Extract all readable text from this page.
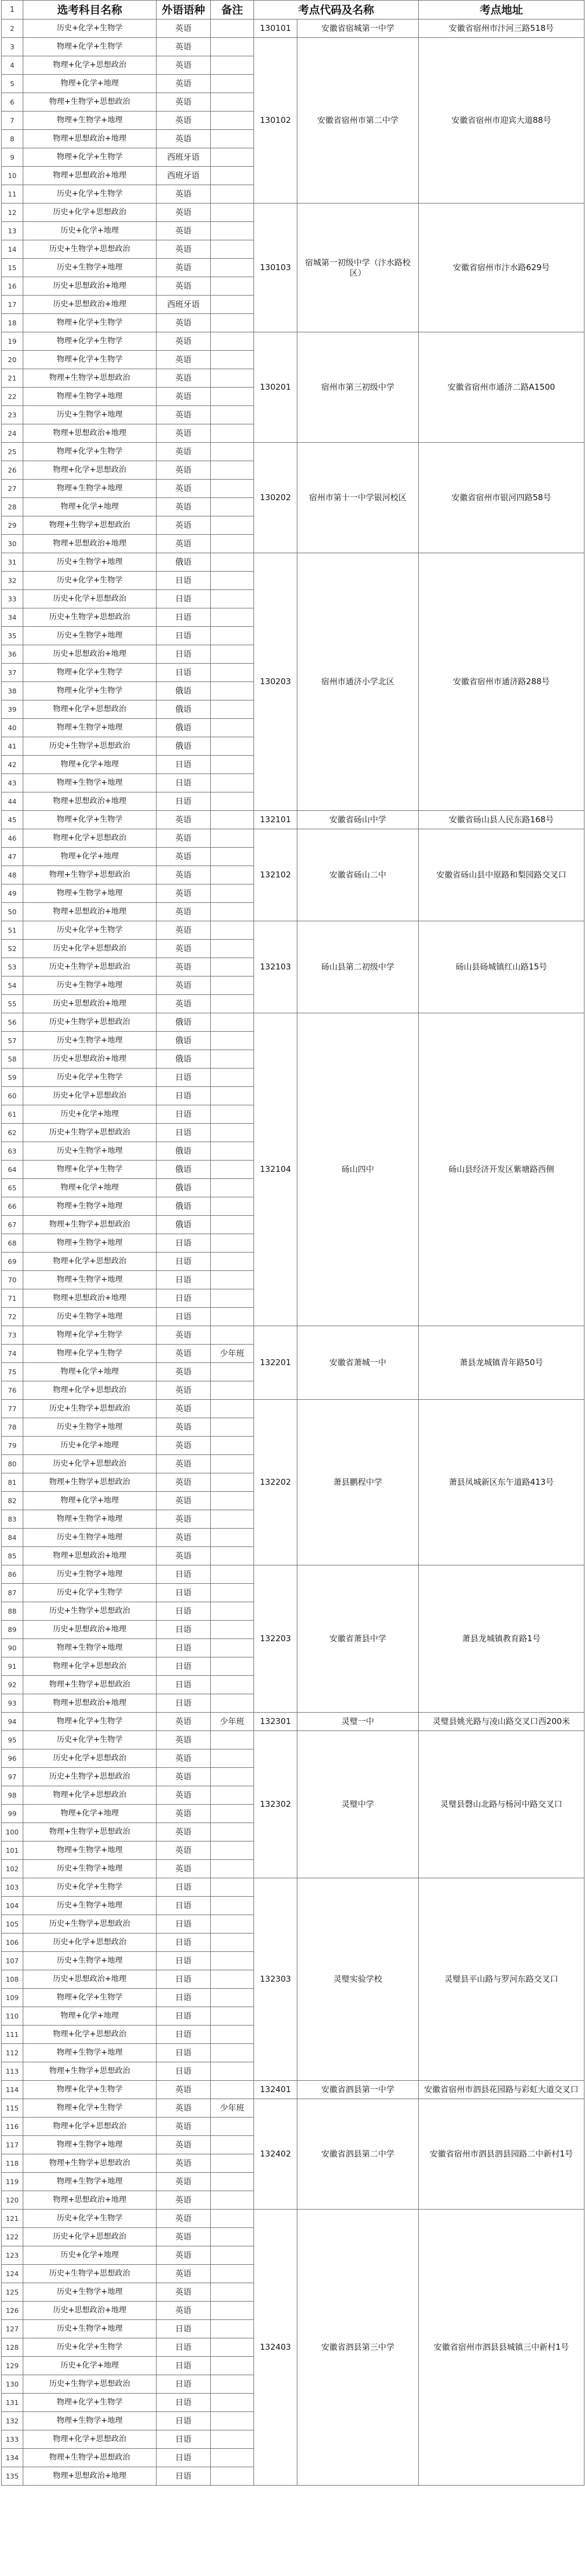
1	选考科目名称	外语语种	备注	考点代码及名称		考点地址
2	历史+化学+生物学	英语		130101	安徽省宿城第一中学	安徽省宿州市汴河三路518号
3	物理+化学+生物学	英语		130102	安徽省宿州市第二中学	安徽省宿州市迎宾大道88号
4	物理+化学+思想政治	英语				
5	物理+化学+地理	英语				
6	物理+生物学+思想政治	英语				
7	物理+生物学+地理	英语				
8	物理+思想政治+地理	英语				
9	物理+化学+生物学	西班牙语				
10	物理+思想政治+地理	西班牙语				
11	历史+化学+生物学	英语				
12	历史+化学+思想政治	英语		130103	宿城第一初级中学（汴水路校区）	安徽省宿州市汴水路629号
13	历史+化学+地理	英语				
14	历史+生物学+思想政治	英语				
15	历史+生物学+地理	英语				
16	历史+思想政治+地理	英语				
17	历史+思想政治+地理	西班牙语				
18	物理+化学+生物学	英语				
19	物理+化学+生物学	英语		130201	宿州市第三初级中学	安徽省宿州市通济二路A1500
20	物理+化学+生物学	英语				
21	物理+生物学+思想政治	英语				
22	物理+生物学+地理	英语				
23	历史+生物学+地理	英语				
24	物理+思想政治+地理	英语				
25	物理+化学+生物学	英语		130202	宿州市第十一中学银河校区	安徽省宿州市银河四路58号
26	物理+化学+思想政治	英语				
27	物理+生物学+地理	英语				
28	物理+化学+地理	英语				
29	物理+生物学+思想政治	英语				
30	物理+思想政治+地理	英语				
31	历史+生物学+地理	俄语		130203	宿州市通济小学北区	安徽省宿州市通济路288号
32	历史+化学+生物学	日语				
33	历史+化学+思想政治	日语				
34	历史+生物学+思想政治	日语				
35	历史+生物学+地理	日语				
36	历史+思想政治+地理	日语				
37	物理+化学+生物学	日语				
38	物理+化学+生物学	俄语				
39	物理+化学+思想政治	俄语				
40	物理+生物学+地理	俄语				
41	历史+生物学+思想政治	俄语				
42	物理+化学+地理	日语				
43	物理+生物学+地理	日语				
44	物理+思想政治+地理	日语				
45	物理+化学+生物学	英语		132101	安徽省砀山中学	安徽省砀山县人民东路168号
46	物理+化学+思想政治	英语		132102	安徽省砀山二中	安徽省砀山县中原路和梨园路交叉口
47	物理+化学+地理	英语				
48	物理+生物学+思想政治	英语				
49	物理+生物学+地理	英语				
50	物理+思想政治+地理	英语				
51	历史+化学+生物学	英语		132103	砀山县第二初级中学	砀山县砀城镇红山路15号
52	历史+化学+思想政治	英语				
53	历史+生物学+思想政治	英语				
54	历史+生物学+地理	英语				
55	历史+思想政治+地理	英语				
56	历史+生物学+思想政治	俄语		132104	砀山四中	砀山县经济开发区紫塘路西侧
57	历史+生物学+地理	俄语				
58	历史+思想政治+地理	俄语				
59	历史+化学+生物学	日语				
60	历史+化学+思想政治	日语				
61	历史+化学+地理	日语				
62	历史+生物学+思想政治	日语				
63	历史+生物学+地理	俄语				
64	物理+化学+生物学	俄语				
65	物理+化学+地理	俄语				
66	物理+生物学+地理	俄语				
67	物理+生物学+思想政治	俄语				
68	物理+生物学+地理	日语				
69	物理+化学+思想政治	日语				
70	物理+生物学+地理	日语				
71	物理+思想政治+地理	日语				
72	历史+生物学+地理	日语				
73	物理+化学+生物学	英语		132201	安徽省萧城一中	萧县龙城镇青年路50号
74	物理+化学+生物学	英语	少年班			
75	物理+化学+地理	英语				
76	物理+化学+思想政治	英语				
77	历史+生物学+思想政治	英语		132202	萧县鹏程中学	萧县凤城新区东午道路413号
78	历史+生物学+地理	英语				
79	历史+化学+地理	英语				
80	历史+化学+思想政治	英语				
81	物理+生物学+思想政治	英语				
82	物理+化学+地理	英语				
83	物理+生物学+地理	英语				
84	历史+生物学+地理	英语				
85	物理+思想政治+地理	英语				
86	历史+生物学+地理	日语		132203	安徽省萧县中学	萧县龙城镇教育路1号
87	历史+化学+生物学	日语				
88	历史+生物学+思想政治	日语				
89	历史+思想政治+地理	日语				
90	物理+生物学+地理	日语				
91	物理+化学+思想政治	日语				
92	物理+生物学+思想政治	日语				
93	物理+思想政治+地理	日语				
94	物理+化学+生物学	英语	少年班	132301	灵璧一中	灵璧县姚光路与凌山路交叉口西200米
95	历史+化学+生物学	英语		132302	灵璧中学	灵璧县磬山北路与杨河中路交叉口
96	历史+化学+思想政治	英语				
97	历史+生物学+思想政治	英语				
98	物理+化学+思想政治	英语				
99	物理+化学+地理	英语				
100	物理+生物学+思想政治	英语				
101	物理+生物学+地理	英语				
102	历史+生物学+地理	英语				
103	历史+化学+生物学	日语		132303	灵璧实验学校	灵璧县平山路与罗河东路交叉口
104	历史+生物学+地理	日语				
105	历史+生物学+思想政治	日语				
106	历史+化学+思想政治	日语				
107	历史+生物学+地理	日语				
108	历史+思想政治+地理	日语				
109	物理+化学+生物学	日语				
110	物理+化学+地理	日语				
111	物理+化学+思想政治	日语				
112	物理+生物学+地理	日语				
113	物理+生物学+思想政治	日语				
114	物理+化学+生物学	英语		132401	安徽省泗县第一中学	安徽省宿州市泗县花园路与彩虹大道交叉口
115	物理+化学+生物学	英语	少年班	132402	安徽省泗县第二中学	安徽省宿州市泗县泗县园路二中新村1号
116	物理+化学+思想政治	英语				
117	物理+生物学+地理	英语				
118	物理+生物学+思想政治	英语				
119	物理+生物学+地理	英语				
120	物理+思想政治+地理	英语				
121	历史+化学+生物学	英语		132403	安徽省泗县第三中学	安徽省宿州市泗县县城镇三中新村1号
122	历史+化学+思想政治	英语				
123	历史+化学+地理	英语				
124	历史+生物学+思想政治	英语				
125	历史+生物学+地理	英语				
126	历史+思想政治+地理	英语				
127	历史+生物学+地理	日语				
128	历史+化学+生物学	日语				
129	历史+化学+地理	日语				
130	历史+生物学+思想政治	日语				
131	物理+化学+生物学	日语				
132	物理+生物学+地理	日语				
133	物理+化学+思想政治	日语				
134	物理+生物学+思想政治	日语				
135	物理+思想政治+地理	日语				
